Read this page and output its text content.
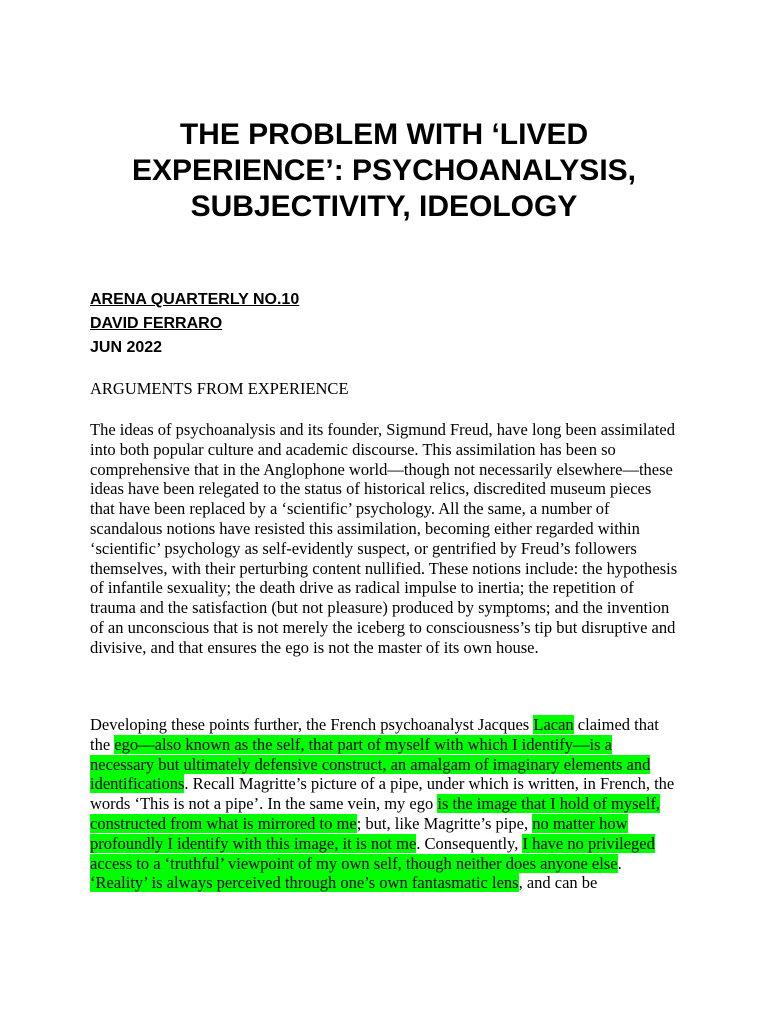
THE PROBLEM WITH ‘LIVED
EXPERIENCE’: PSYCHOANALYSIS,
SUBJECTIVITY, IDEOLOGY
ARENA QUARTERLY NO.10
DAVID FERRARO
JUN 2022

ARGUMENTS FROM EXPERIENCE

The ideas of psychoanalysis and its founder, Sigmund Freud, have long been assimilated into both popular culture and academic discourse. This assimilation has been so comprehensive that in the Anglophone world—though not necessarily elsewhere—these ideas have been relegated to the status of historical relics, discredited museum pieces that have been replaced by a ‘scientific’ psychology. All the same, a number of scandalous notions have resisted this assimilation, becoming either regarded within ‘scientific’ psychology as self-evidently suspect, or gentrified by Freud’s followers themselves, with their perturbing content nullified. These notions include: the hypothesis of infantile sexuality; the death drive as radical impulse to inertia; the repetition of trauma and the satisfaction (but not pleasure) produced by symptoms; and the invention of an unconscious that is not merely the iceberg to consciousness’s tip but disruptive and divisive, and that ensures the ego is not the master of its own house.

Developing these points further, the French psychoanalyst Jacques Lacan claimed that the ego—also known as the self, that part of myself with which I identify—is a necessary but ultimately defensive construct, an amalgam of imaginary elements and identifications. Recall Magritte’s picture of a pipe, under which is written, in French, the words ‘This is not a pipe’. In the same vein, my ego is the image that I hold of myself, constructed from what is mirrored to me; but, like Magritte’s pipe, no matter how profoundly I identify with this image, it is not me. Consequently, I have no privileged access to a ‘truthful’ viewpoint of my own self, though neither does anyone else. ‘Reality’ is always perceived through one’s own fantasmatic lens, and can be
